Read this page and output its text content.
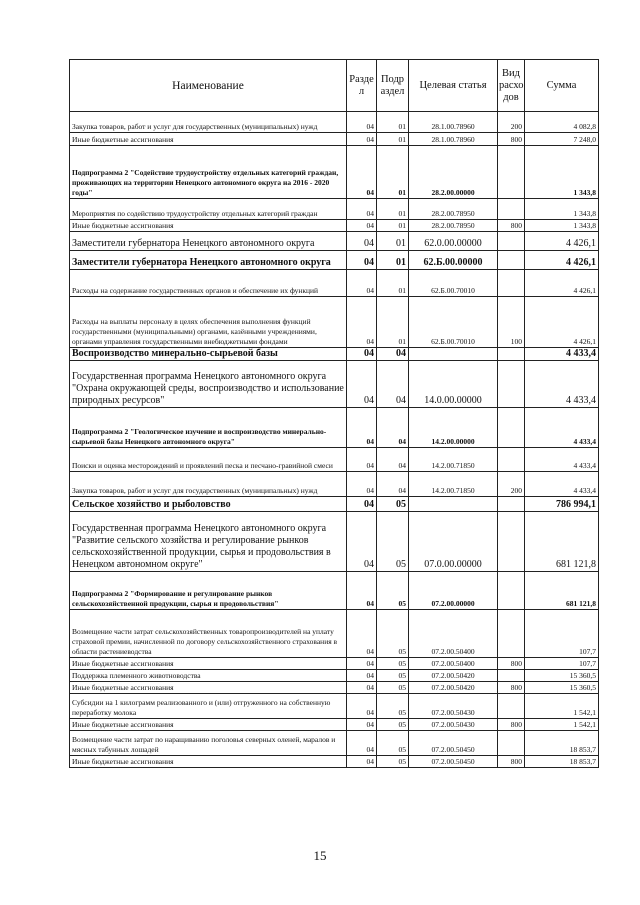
Наименование	Разде л	Подр аздел	Целевая статья	Вид расхо дов	Сумма
Закупка товаров, работ и услуг для государственных (муниципальных) нужд	04	01	28.1.00.78960	200	4 082,8
Иные бюджетные ассигнования	04	01	28.1.00.78960	800	7 248,0
Подпрограмма 2 "Содействие трудоустройству отдельных категорий граждан, проживающих на территории Ненецкого автономного округа на 2016 - 2020 годы"	04	01	28.2.00.00000		1 343,8
Мероприятия по содействию трудоустройству отдельных категорий граждан	04	01	28.2.00.78950		1 343,8
Иные бюджетные ассигнования	04	01	28.2.00.78950	800	1 343,8
Заместители губернатора Ненецкого автономного округа	04	01	62.0.00.00000		4 426,1
Заместители губернатора Ненецкого автономного округа	04	01	62.Б.00.00000		4 426,1
Расходы на содержание государственных органов и обеспечение их функций	04	01	62.Б.00.70010		4 426,1
Расходы на выплаты персоналу в целях обеспечения выполнения функций государственными (муниципальными) органами, казёнными учреждениями, органами управления государственными внебюджетными фондами	04	01	62.Б.00.70010	100	4 426,1
Воспроизводство минерально-сырьевой базы	04	04			4 433,4
Государственная программа Ненецкого автономного округа "Охрана окружающей среды, воспроизводство и использование природных ресурсов"	04	04	14.0.00.00000		4 433,4
Подпрограмма 2 "Геологическое изучение и воспроизводство минерально-сырьевой базы Ненецкого автономного округа"	04	04	14.2.00.00000		4 433,4
Поиски и оценка месторождений и проявлений песка и песчано-гравийной смеси	04	04	14.2.00.71850		4 433,4
Закупка товаров, работ и услуг для государственных (муниципальных) нужд	04	04	14.2.00.71850	200	4 433,4
Сельское хозяйство и рыболовство	04	05			786 994,1
Государственная программа Ненецкого автономного округа "Развитие сельского хозяйства и регулирование рынков сельскохозяйственной продукции, сырья и продовольствия в Ненецком автономном округе"	04	05	07.0.00.00000		681 121,8
Подпрограмма 2 "Формирование и регулирование рынков сельскохозяйственной продукции, сырья и продовольствия"	04	05	07.2.00.00000		681 121,8
Возмещение части затрат сельскохозяйственных товаропроизводителей на уплату страховой премии, начисленной по договору сельскохозяйственного страхования в области растениеводства	04	05	07.2.00.50400		107,7
Иные бюджетные ассигнования	04	05	07.2.00.50400	800	107,7
Поддержка племенного животноводства	04	05	07.2.00.50420		15 360,5
Иные бюджетные ассигнования	04	05	07.2.00.50420	800	15 360,5
Субсидии на 1 килограмм реализованного и (или) отгруженного на собственную переработку молока	04	05	07.2.00.50430		1 542,1
Иные бюджетные ассигнования	04	05	07.2.00.50430	800	1 542,1
Возмещение части затрат по наращиванию поголовья северных оленей, маралов и мясных табунных лошадей	04	05	07.2.00.50450		18 853,7
Иные бюджетные ассигнования	04	05	07.2.00.50450	800	18 853,7
15
